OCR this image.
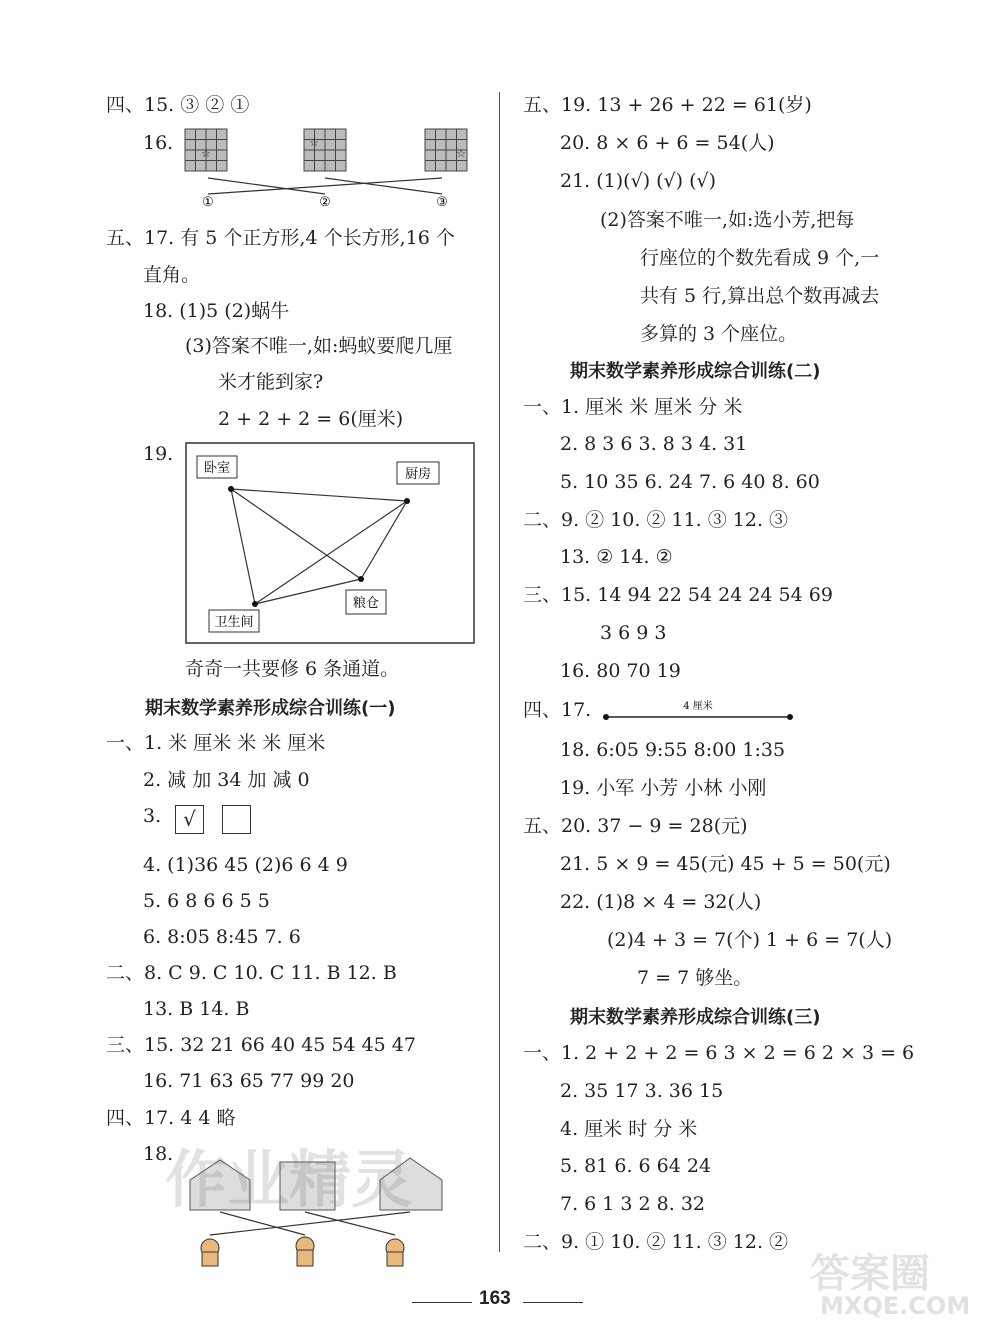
四、15. ③ ② ①
16.	☆
☆
☆
①	②	③
五、17. 有 5 个正方形,4 个长方形,16 个
直角。
18. (1)5 (2)蜗牛
(3)答案不唯一,如:蚂蚁要爬几厘
米才能到家?
2 + 2 + 2 = 6(厘米)
19.
卧室	厨房
卫生间
粮仓
奇奇一共要修 6 条通道。
期末数学素养形成综合训练(一)
一、1. 米 厘米 米 米 厘米
2. 减 加 34 加 减 0
3.	√
4. (1)36 45 (2)6 6 4 9
5. 6 8 6 6 5 5
6. 8:05 8:45 7. 6
二、8. C 9. C 10. C 11. B 12. B
13. B 14. B
三、15. 32 21 66 40 45 54 45 47
16. 71 63 65 77 99 20
四、17. 4 4 略
18.
五、19. 13 + 26 + 22 = 61(岁)
20. 8 × 6 + 6 = 54(人)
21. (1)(√) (√) (√)
(2)答案不唯一,如:选小芳,把每
行座位的个数先看成 9 个,一
共有 5 行,算出总个数再减去
多算的 3 个座位。
期末数学素养形成综合训练(二)
一、1. 厘米 米 厘米 分 米
2. 8 3 6 3. 8 3 4. 31
5. 10 35 6. 24 7. 6 40 8. 60
二、9. ② 10. ② 11. ③ 12. ③
13. ② 14. ②
三、15. 14 94 22 54 24 24 54 69
3 6 9 3
16. 80 70 19
四、17.	4 厘米
18. 6:05 9:55 8:00 1:35
19. 小军 小芳 小林 小刚
五、20. 37 − 9 = 28(元)
21. 5 × 9 = 45(元) 45 + 5 = 50(元)
22. (1)8 × 4 = 32(人)
(2)4 + 3 = 7(个) 1 + 6 = 7(人)
7 = 7 够坐。
期末数学素养形成综合训练(三)
一、1. 2 + 2 + 2 = 6 3 × 2 = 6 2 × 3 = 6
2. 35 17 3. 36 15
4. 厘米 时 分 米
5. 81 6. 6 64 24
7. 6 1 3 2 8. 32
二、9. ① 10. ② 11. ③ 12. ②
作业精灵
答案圈
MXQE.COM
163
